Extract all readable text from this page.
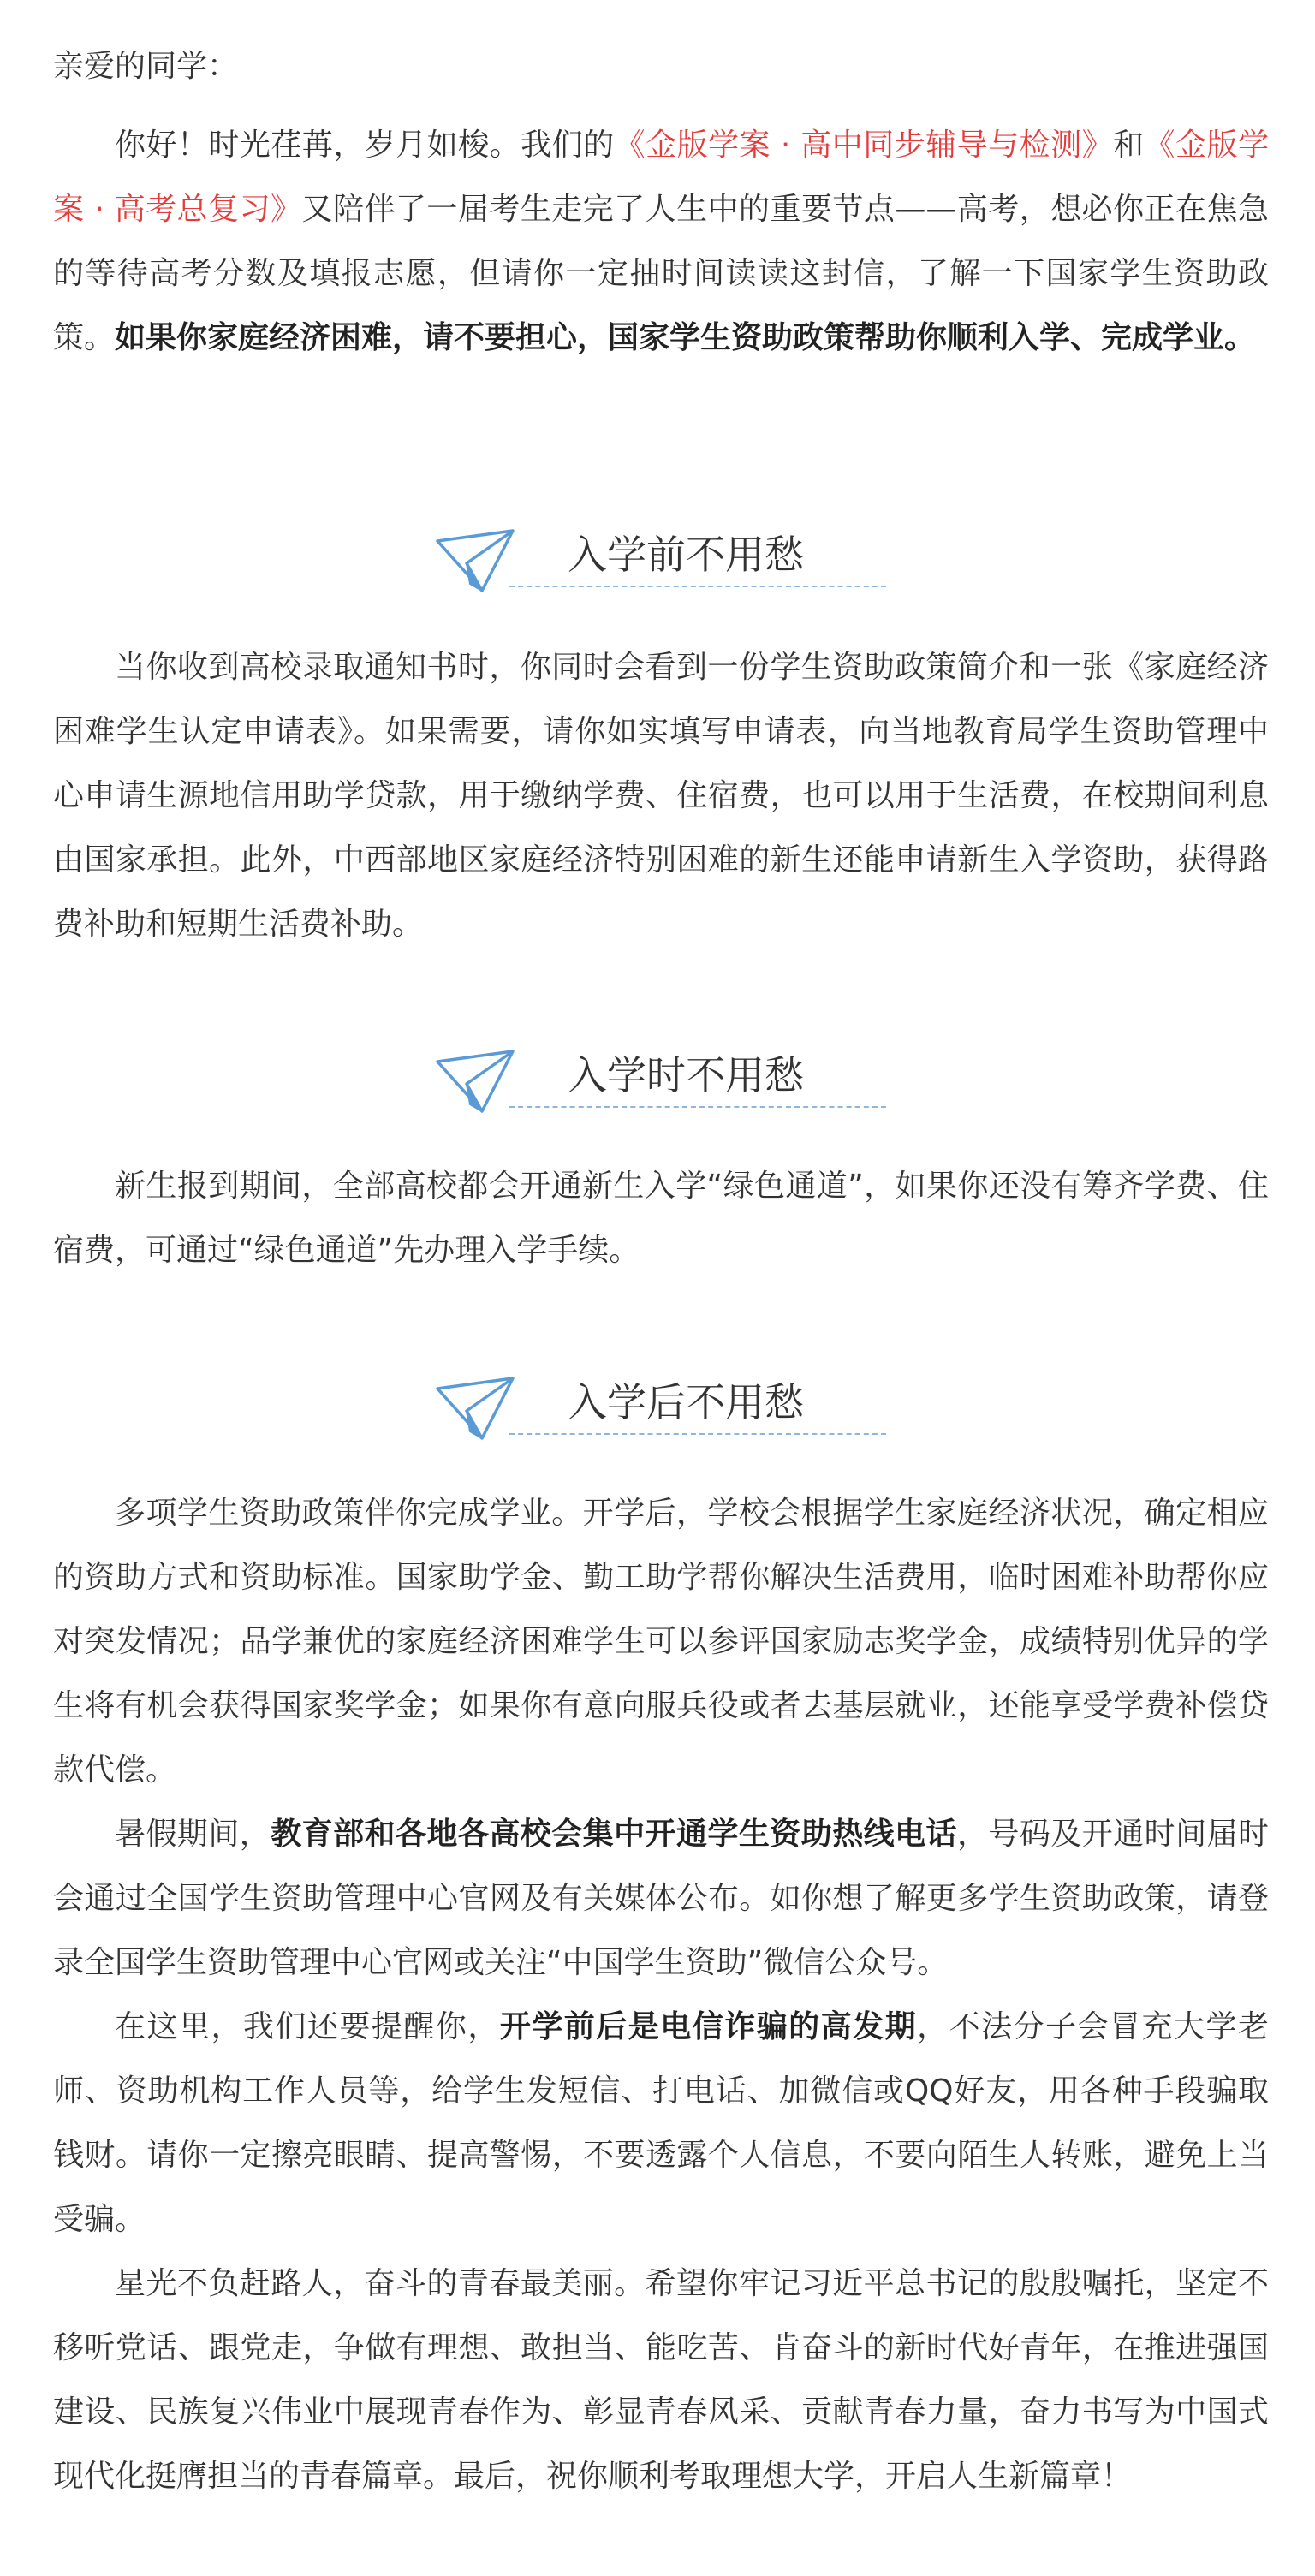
亲爱的同学：

你好！时光荏苒，岁月如梭。我们的《金版学案 · 高中同步辅导与检测》和《金版学案 · 高考总复习》又陪伴了一届考生走完了人生中的重要节点——高考，想必你正在焦急的等待高考分数及填报志愿，但请你一定抽时间读读这封信，了解一下国家学生资助政策。如果你家庭经济困难，请不要担心，国家学生资助政策帮助你顺利入学、完成学业。

入学前不用愁

当你收到高校录取通知书时，你同时会看到一份学生资助政策简介和一张《家庭经济困难学生认定申请表》。如果需要，请你如实填写申请表，向当地教育局学生资助管理中心申请生源地信用助学贷款，用于缴纳学费、住宿费，也可以用于生活费，在校期间利息由国家承担。此外，中西部地区家庭经济特别困难的新生还能申请新生入学资助，获得路费补助和短期生活费补助。

入学时不用愁

新生报到期间，全部高校都会开通新生入学“绿色通道”，如果你还没有筹齐学费、住宿费，可通过“绿色通道”先办理入学手续。

入学后不用愁

多项学生资助政策伴你完成学业。开学后，学校会根据学生家庭经济状况，确定相应的资助方式和资助标准。国家助学金、勤工助学帮你解决生活费用，临时困难补助帮你应对突发情况；品学兼优的家庭经济困难学生可以参评国家励志奖学金，成绩特别优异的学生将有机会获得国家奖学金；如果你有意向服兵役或者去基层就业，还能享受学费补偿贷款代偿。

暑假期间，教育部和各地各高校会集中开通学生资助热线电话，号码及开通时间届时会通过全国学生资助管理中心官网及有关媒体公布。如你想了解更多学生资助政策，请登录全国学生资助管理中心官网或关注“中国学生资助”微信公众号。

在这里，我们还要提醒你，开学前后是电信诈骗的高发期，不法分子会冒充大学老师、资助机构工作人员等，给学生发短信、打电话、加微信或QQ好友，用各种手段骗取钱财。请你一定擦亮眼睛、提高警惕，不要透露个人信息，不要向陌生人转账，避免上当受骗。

星光不负赶路人，奋斗的青春最美丽。希望你牢记习近平总书记的殷殷嘱托，坚定不移听党话、跟党走，争做有理想、敢担当、能吃苦、肯奋斗的新时代好青年，在推进强国建设、民族复兴伟业中展现青春作为、彰显青春风采、贡献青春力量，奋力书写为中国式现代化挺膺担当的青春篇章。最后，祝你顺利考取理想大学，开启人生新篇章！
